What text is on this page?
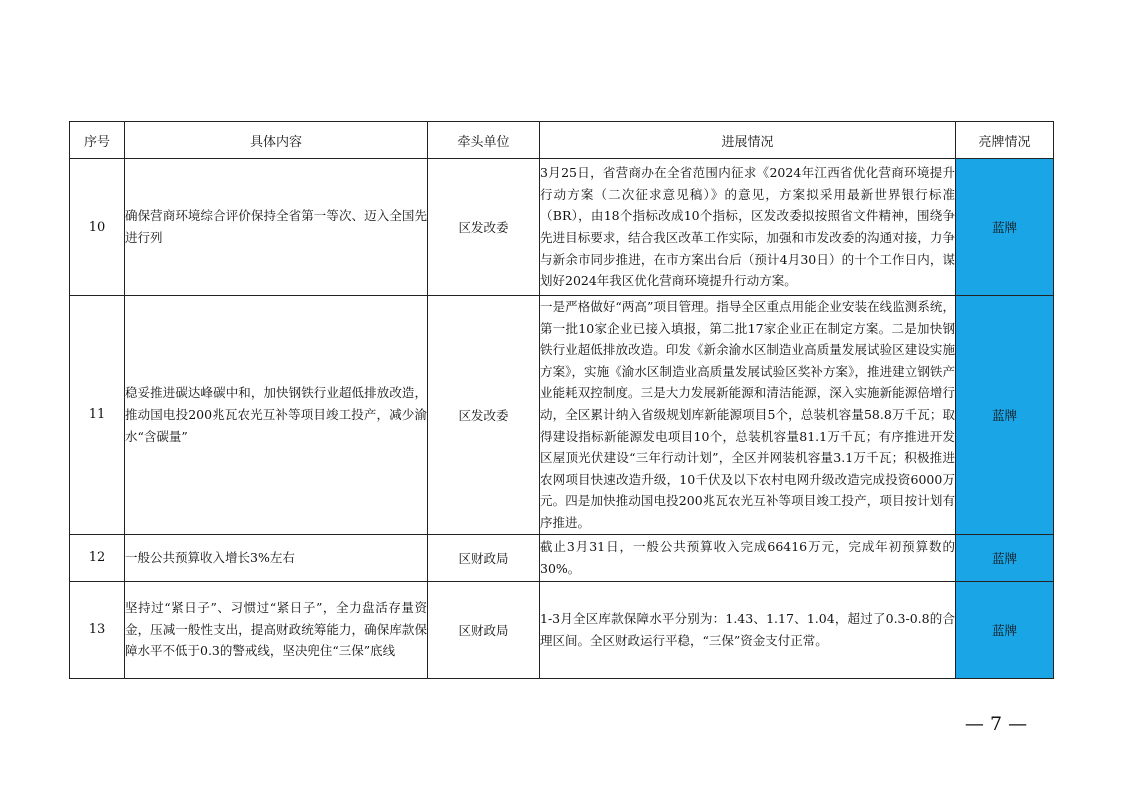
序号	具体内容	牵头单位	进展情况	亮牌情况
10	确保营商环境综合评价保持全省第一等次、迈入全国先进行列	区发改委	3月25日，省营商办在全省范围内征求《2024年江西省优化营商环境提升行动方案（二次征求意见稿）》的意见，方案拟采用最新世界银行标准（BR），由18个指标改成10个指标，区发改委拟按照省文件精神，围绕争先进目标要求，结合我区改革工作实际，加强和市发改委的沟通对接，力争与新余市同步推进，在市方案出台后（预计4月30日）的十个工作日内，谋划好2024年我区优化营商环境提升行动方案。	蓝牌
11	稳妥推进碳达峰碳中和，加快钢铁行业超低排放改造，推动国电投200兆瓦农光互补等项目竣工投产，减少渝水“含碳量”	区发改委	一是严格做好“两高”项目管理。指导全区重点用能企业安装在线监测系统，第一批10家企业已接入填报，第二批17家企业正在制定方案。二是加快钢铁行业超低排放改造。印发《新余渝水区制造业高质量发展试验区建设实施方案》，实施《渝水区制造业高质量发展试验区奖补方案》，推进建立钢铁产业能耗双控制度。三是大力发展新能源和清洁能源，深入实施新能源倍增行动，全区累计纳入省级规划库新能源项目5个，总装机容量58.8万千瓦；取得建设指标新能源发电项目10个，总装机容量81.1万千瓦；有序推进开发区屋顶光伏建设“三年行动计划”，全区并网装机容量3.1万千瓦；积极推进农网项目快速改造升级，10千伏及以下农村电网升级改造完成投资6000万元。四是加快推动国电投200兆瓦农光互补等项目竣工投产，项目按计划有序推进。	蓝牌
12	一般公共预算收入增长3%左右	区财政局	截止3月31日，一般公共预算收入完成66416万元，完成年初预算数的30%。	蓝牌
13	坚持过“紧日子”、习惯过“紧日子”，全力盘活存量资金，压减一般性支出，提高财政统筹能力，确保库款保障水平不低于0.3的警戒线，坚决兜住“三保”底线	区财政局	1-3月全区库款保障水平分别为：1.43、1.17、1.04，超过了0.3-0.8的合理区间。全区财政运行平稳，“三保”资金支付正常。	蓝牌
— 7 —
